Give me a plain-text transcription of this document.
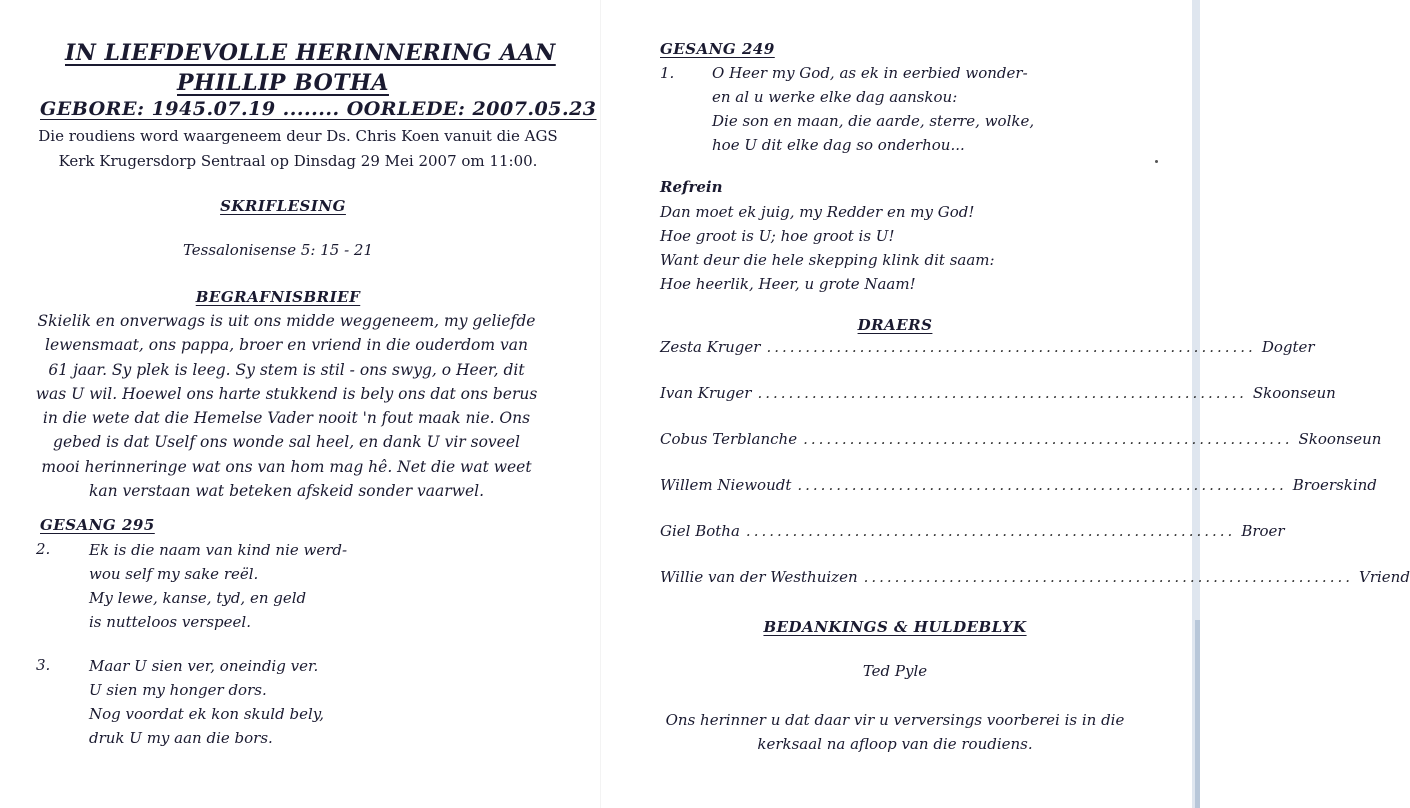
IN LIEFDEVOLLE HERINNERING AAN
PHILLIP BOTHA
GEBORE: 1945.07.19 ........ OORLEDE: 2007.05.23
Die roudiens word waargeneem deur Ds. Chris Koen vanuit die AGS Kerk Krugersdorp Sentraal op Dinsdag 29 Mei 2007 om 11:00.
SKRIFLESING
Tessalonisense 5: 15 - 21
BEGRAFNISBRIEF
Skielik en onverwags is uit ons midde weggeneem, my geliefde lewensmaat, ons pappa, broer en vriend in die ouderdom van 61 jaar. Sy plek is leeg. Sy stem is stil - ons swyg, o Heer, dit was U wil. Hoewel ons harte stukkend is bely ons dat ons berus in die wete dat die Hemelse Vader nooit 'n fout maak nie. Ons gebed is dat Uself ons wonde sal heel, en dank U vir soveel mooi herinneringe wat ons van hom mag hê. Net die wat weet kan verstaan wat beteken afskeid sonder vaarwel.
GESANG 295
2.	Ek is die naam van kind nie werd-
wou self my sake reël.
My lewe, kanse, tyd, en geld
is nutteloos verspeel.
3.	Maar U sien ver, oneindig ver.
U sien my honger dors.
Nog voordat ek kon skuld bely,
druk U my aan die bors.
GESANG 249
1.	O Heer my God, as ek in eerbied wonder-
en al u werke elke dag aanskou:
Die son en maan, die aarde, sterre, wolke,
hoe U dit elke dag so onderhou...
Refrein
Dan moet ek juig, my Redder en my God!
Hoe groot is U; hoe groot is U!
Want deur die hele skepping klink dit saam:
Hoe heerlik, Heer, u grote Naam!
DRAERS
Zesta Kruger ............................................................... Dogter
Ivan Kruger ............................................................... Skoonseun
Cobus Terblanche ............................................................... Skoonseun
Willem Niewoudt ............................................................... Broerskind
Giel Botha ............................................................... Broer
Willie van der Westhuizen ............................................................... Vriend
BEDANKINGS & HULDEBLYK
Ted Pyle
Ons herinner u dat daar vir u verversings voorberei is in die kerksaal na afloop van die roudiens.
